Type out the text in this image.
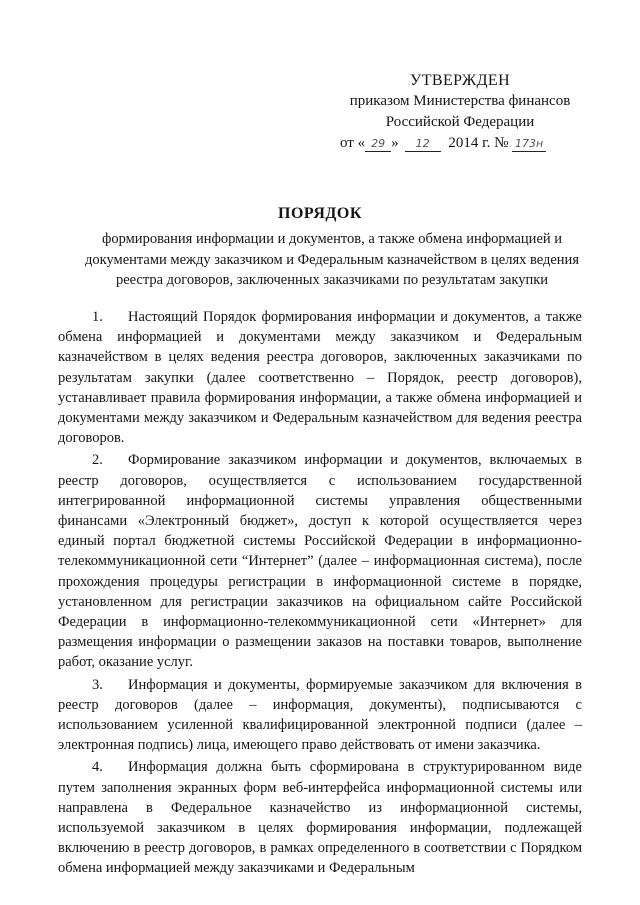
УТВЕРЖДЕН
приказом Министерства финансов
Российской Федерации
от « 29 » 12 2014 г. № 173н
ПОРЯДОК
формирования информации и документов, а также обмена информацией и документами между заказчиком и Федеральным казначейством в целях ведения реестра договоров, заключенных заказчиками по результатам закупки

1. Настоящий Порядок формирования информации и документов, а также обмена информацией и документами между заказчиком и Федеральным казначейством в целях ведения реестра договоров, заключенных заказчиками по результатам закупки (далее соответственно – Порядок, реестр договоров), устанавливает правила формирования информации, а также обмена информацией и документами между заказчиком и Федеральным казначейством для ведения реестра договоров.

2. Формирование заказчиком информации и документов, включаемых в реестр договоров, осуществляется с использованием государственной интегрированной информационной системы управления общественными финансами «Электронный бюджет», доступ к которой осуществляется через единый портал бюджетной системы Российской Федерации в информационно-телекоммуникационной сети “Интернет” (далее – информационная система), после прохождения процедуры регистрации в информационной системе в порядке, установленном для регистрации заказчиков на официальном сайте Российской Федерации в информационно-телекоммуникационной сети «Интернет» для размещения информации о размещении заказов на поставки товаров, выполнение работ, оказание услуг.

3. Информация и документы, формируемые заказчиком для включения в реестр договоров (далее – информация, документы), подписываются с использованием усиленной квалифицированной электронной подписи (далее – электронная подпись) лица, имеющего право действовать от имени заказчика.

4. Информация должна быть сформирована в структурированном виде путем заполнения экранных форм веб-интерфейса информационной системы или направлена в Федеральное казначейство из информационной системы, используемой заказчиком в целях формирования информации, подлежащей включению в реестр договоров, в рамках определенного в соответствии с Порядком обмена информацией между заказчиками и Федеральным
